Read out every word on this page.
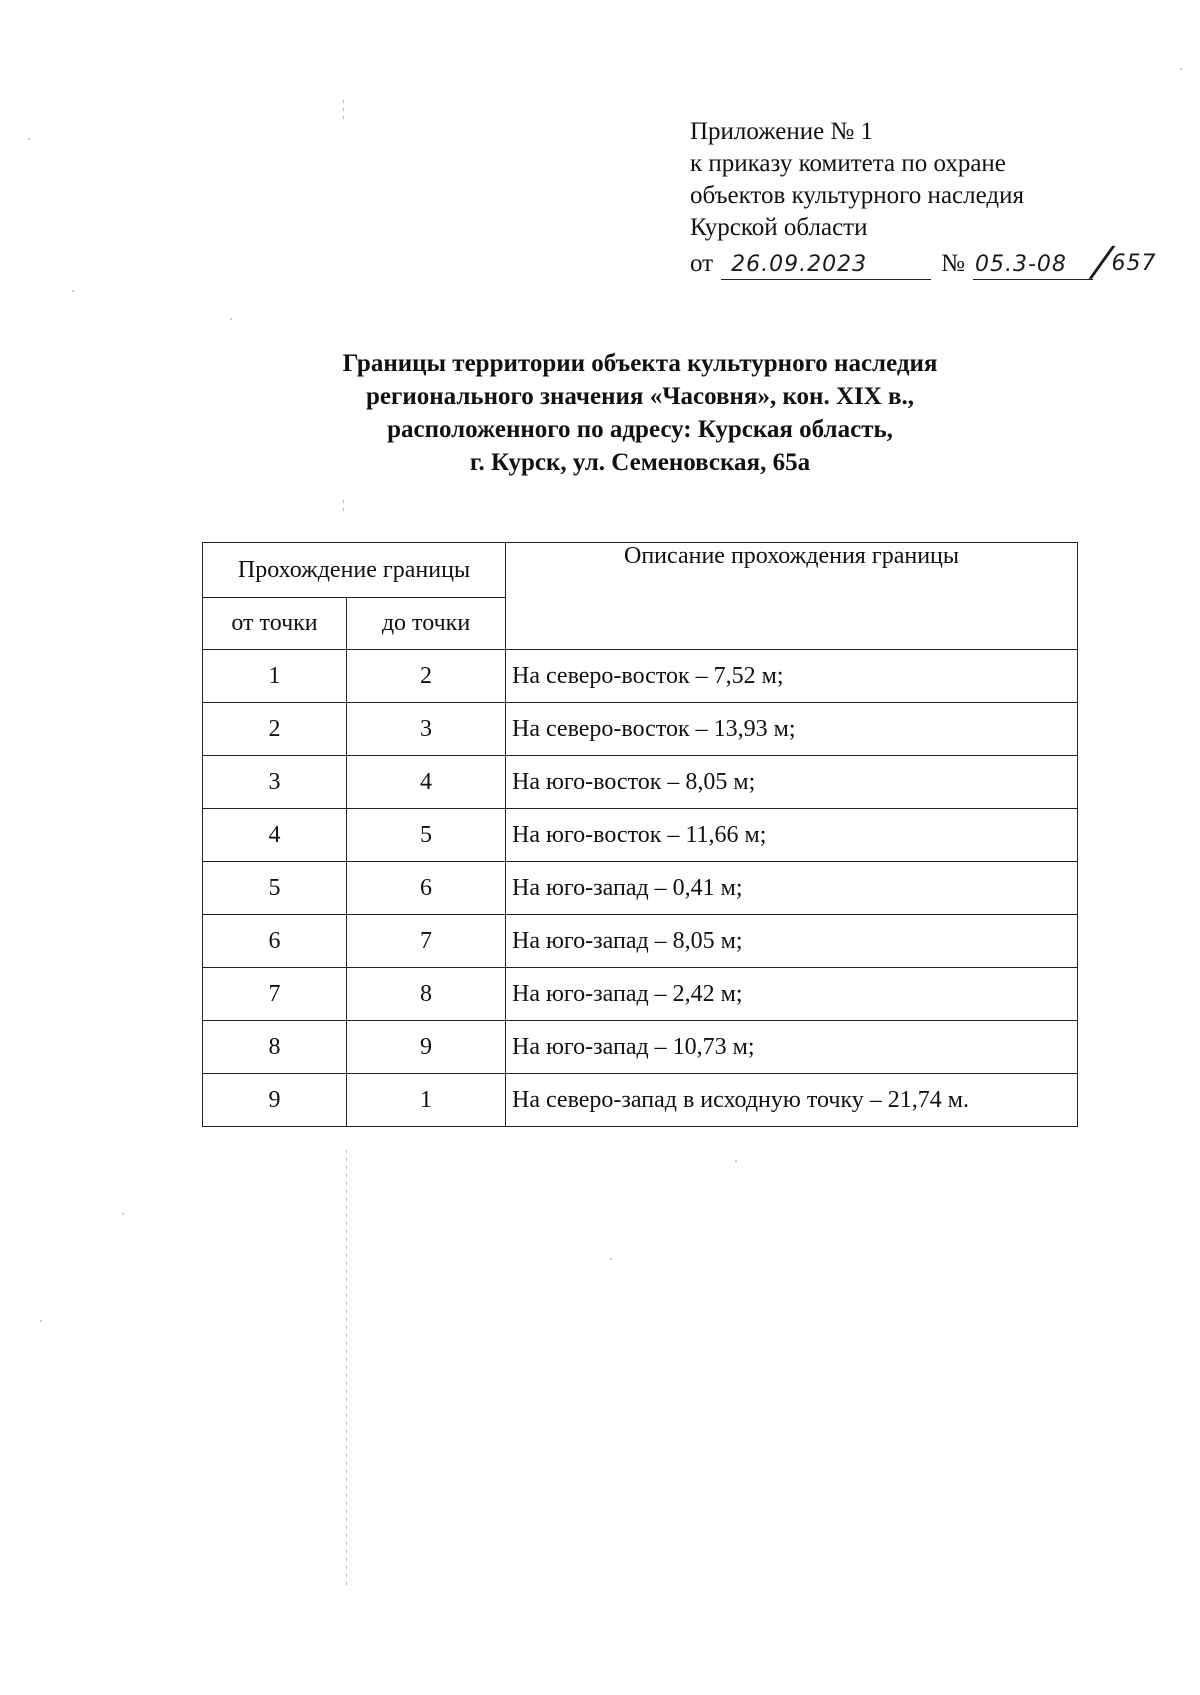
Приложение № 1
к приказу комитета по охране
объектов культурного наследия
Курской области
от 26.09.2023	№ 05.3-08 /
657
Границы территории объекта культурного наследия
регионального значения «Часовня», кон. XIX в.,
расположенного по адресу: Курская область,
г. Курск, ул. Семеновская, 65а
Прохождение границы		Описание прохождения границы
от точки	до точки	
1	2	На северо-восток – 7,52 м;
2	3	На северо-восток – 13,93 м;
3	4	На юго-восток – 8,05 м;
4	5	На юго-восток – 11,66 м;
5	6	На юго-запад – 0,41 м;
6	7	На юго-запад – 8,05 м;
7	8	На юго-запад – 2,42 м;
8	9	На юго-запад – 10,73 м;
9	1	На северо-запад в исходную точку – 21,74 м.
